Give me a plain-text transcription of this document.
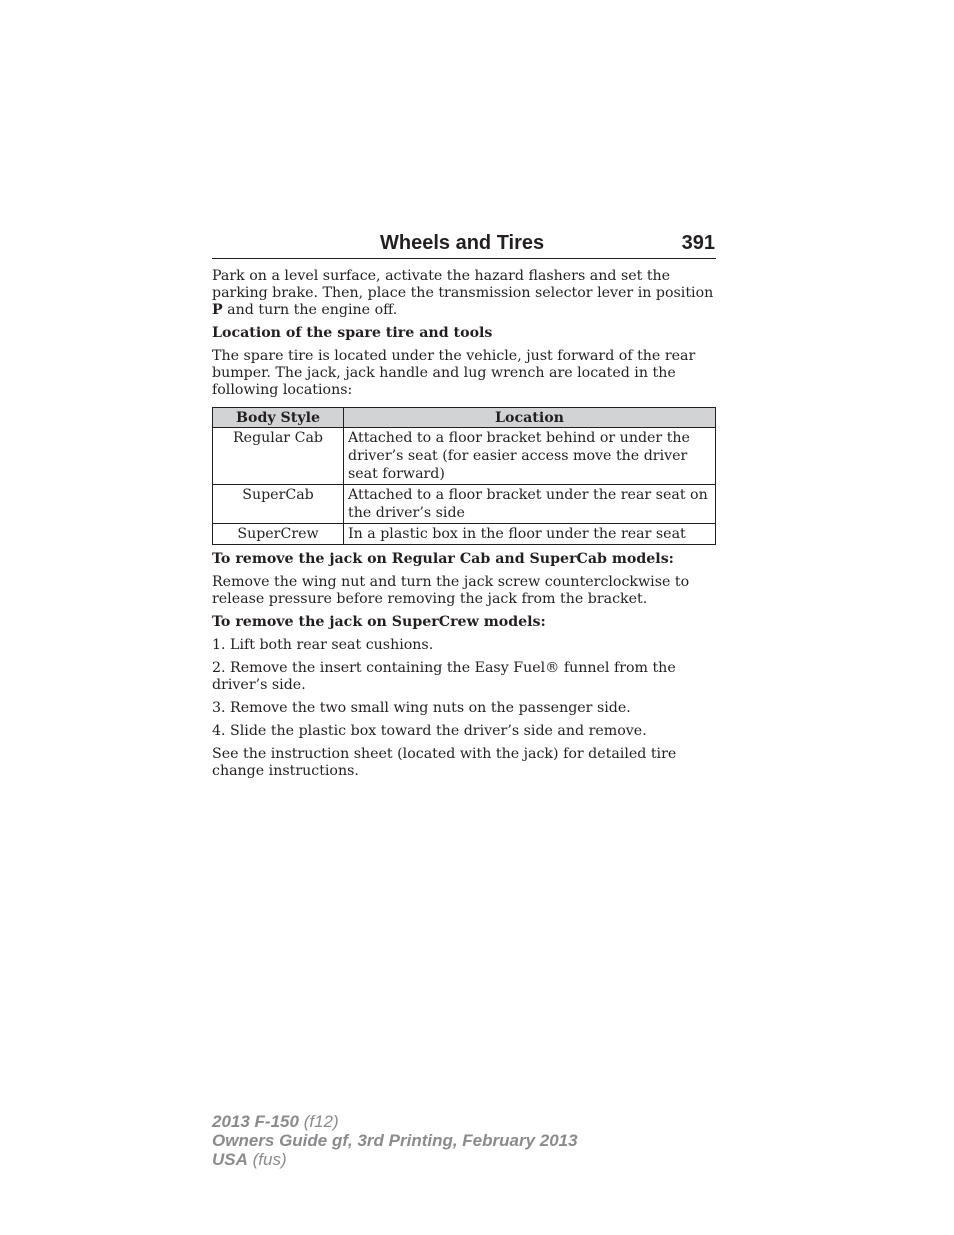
Wheels and Tires	391

Park on a level surface, activate the hazard flashers and set the parking brake. Then, place the transmission selector lever in position P and turn the engine off.

Location of the spare tire and tools

The spare tire is located under the vehicle, just forward of the rear bumper. The jack, jack handle and lug wrench are located in the following locations:

Body Style	Location
Regular Cab	Attached to a floor bracket behind or under the driver’s seat (for easier access move the driver seat forward)
SuperCab	Attached to a floor bracket under the rear seat on the driver’s side
SuperCrew	In a plastic box in the floor under the rear seat

To remove the jack on Regular Cab and SuperCab models:

Remove the wing nut and turn the jack screw counterclockwise to release pressure before removing the jack from the bracket.

To remove the jack on SuperCrew models:

1. Lift both rear seat cushions.

2. Remove the insert containing the Easy Fuel® funnel from the driver’s side.

3. Remove the two small wing nuts on the passenger side.

4. Slide the plastic box toward the driver’s side and remove.

See the instruction sheet (located with the jack) for detailed tire change instructions.

2013 F-150 (f12)
Owners Guide gf, 3rd Printing, February 2013
USA (fus)
